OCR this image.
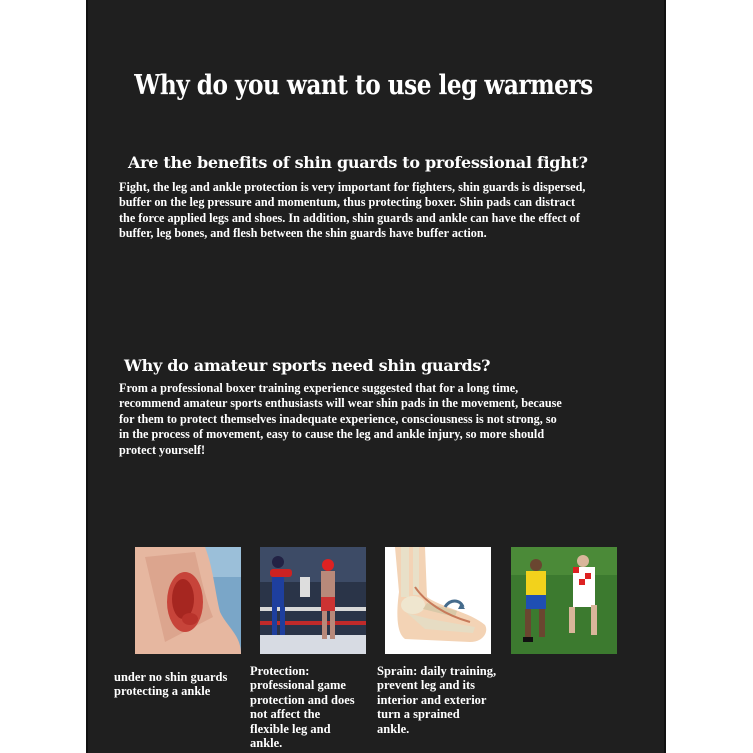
Why do you want to use leg warmers
Are the benefits of shin guards to professional fight?
Fight, the leg and ankle protection is very important for fighters, shin guards is dispersed,
buffer on the leg pressure and momentum, thus protecting boxer. Shin pads can distract
the force applied legs and shoes. In addition, shin guards and ankle can have the effect of
buffer, leg bones, and flesh between the shin guards have buffer action.
Why do amateur sports need shin guards?
From a professional boxer training experience suggested that for a long time,
recommend amateur sports enthusiasts will wear shin pads in the movement, because
for them to protect themselves inadequate experience, consciousness is not strong, so
in the process of movement, easy to cause the leg and ankle injury, so more should
protect yourself!
under no shin guards
protecting a ankle
Protection:
professional game
protection and does
not affect the
flexible leg and
ankle.
Sprain: daily training,
prevent leg and its
interior and exterior
turn a sprained
ankle.
